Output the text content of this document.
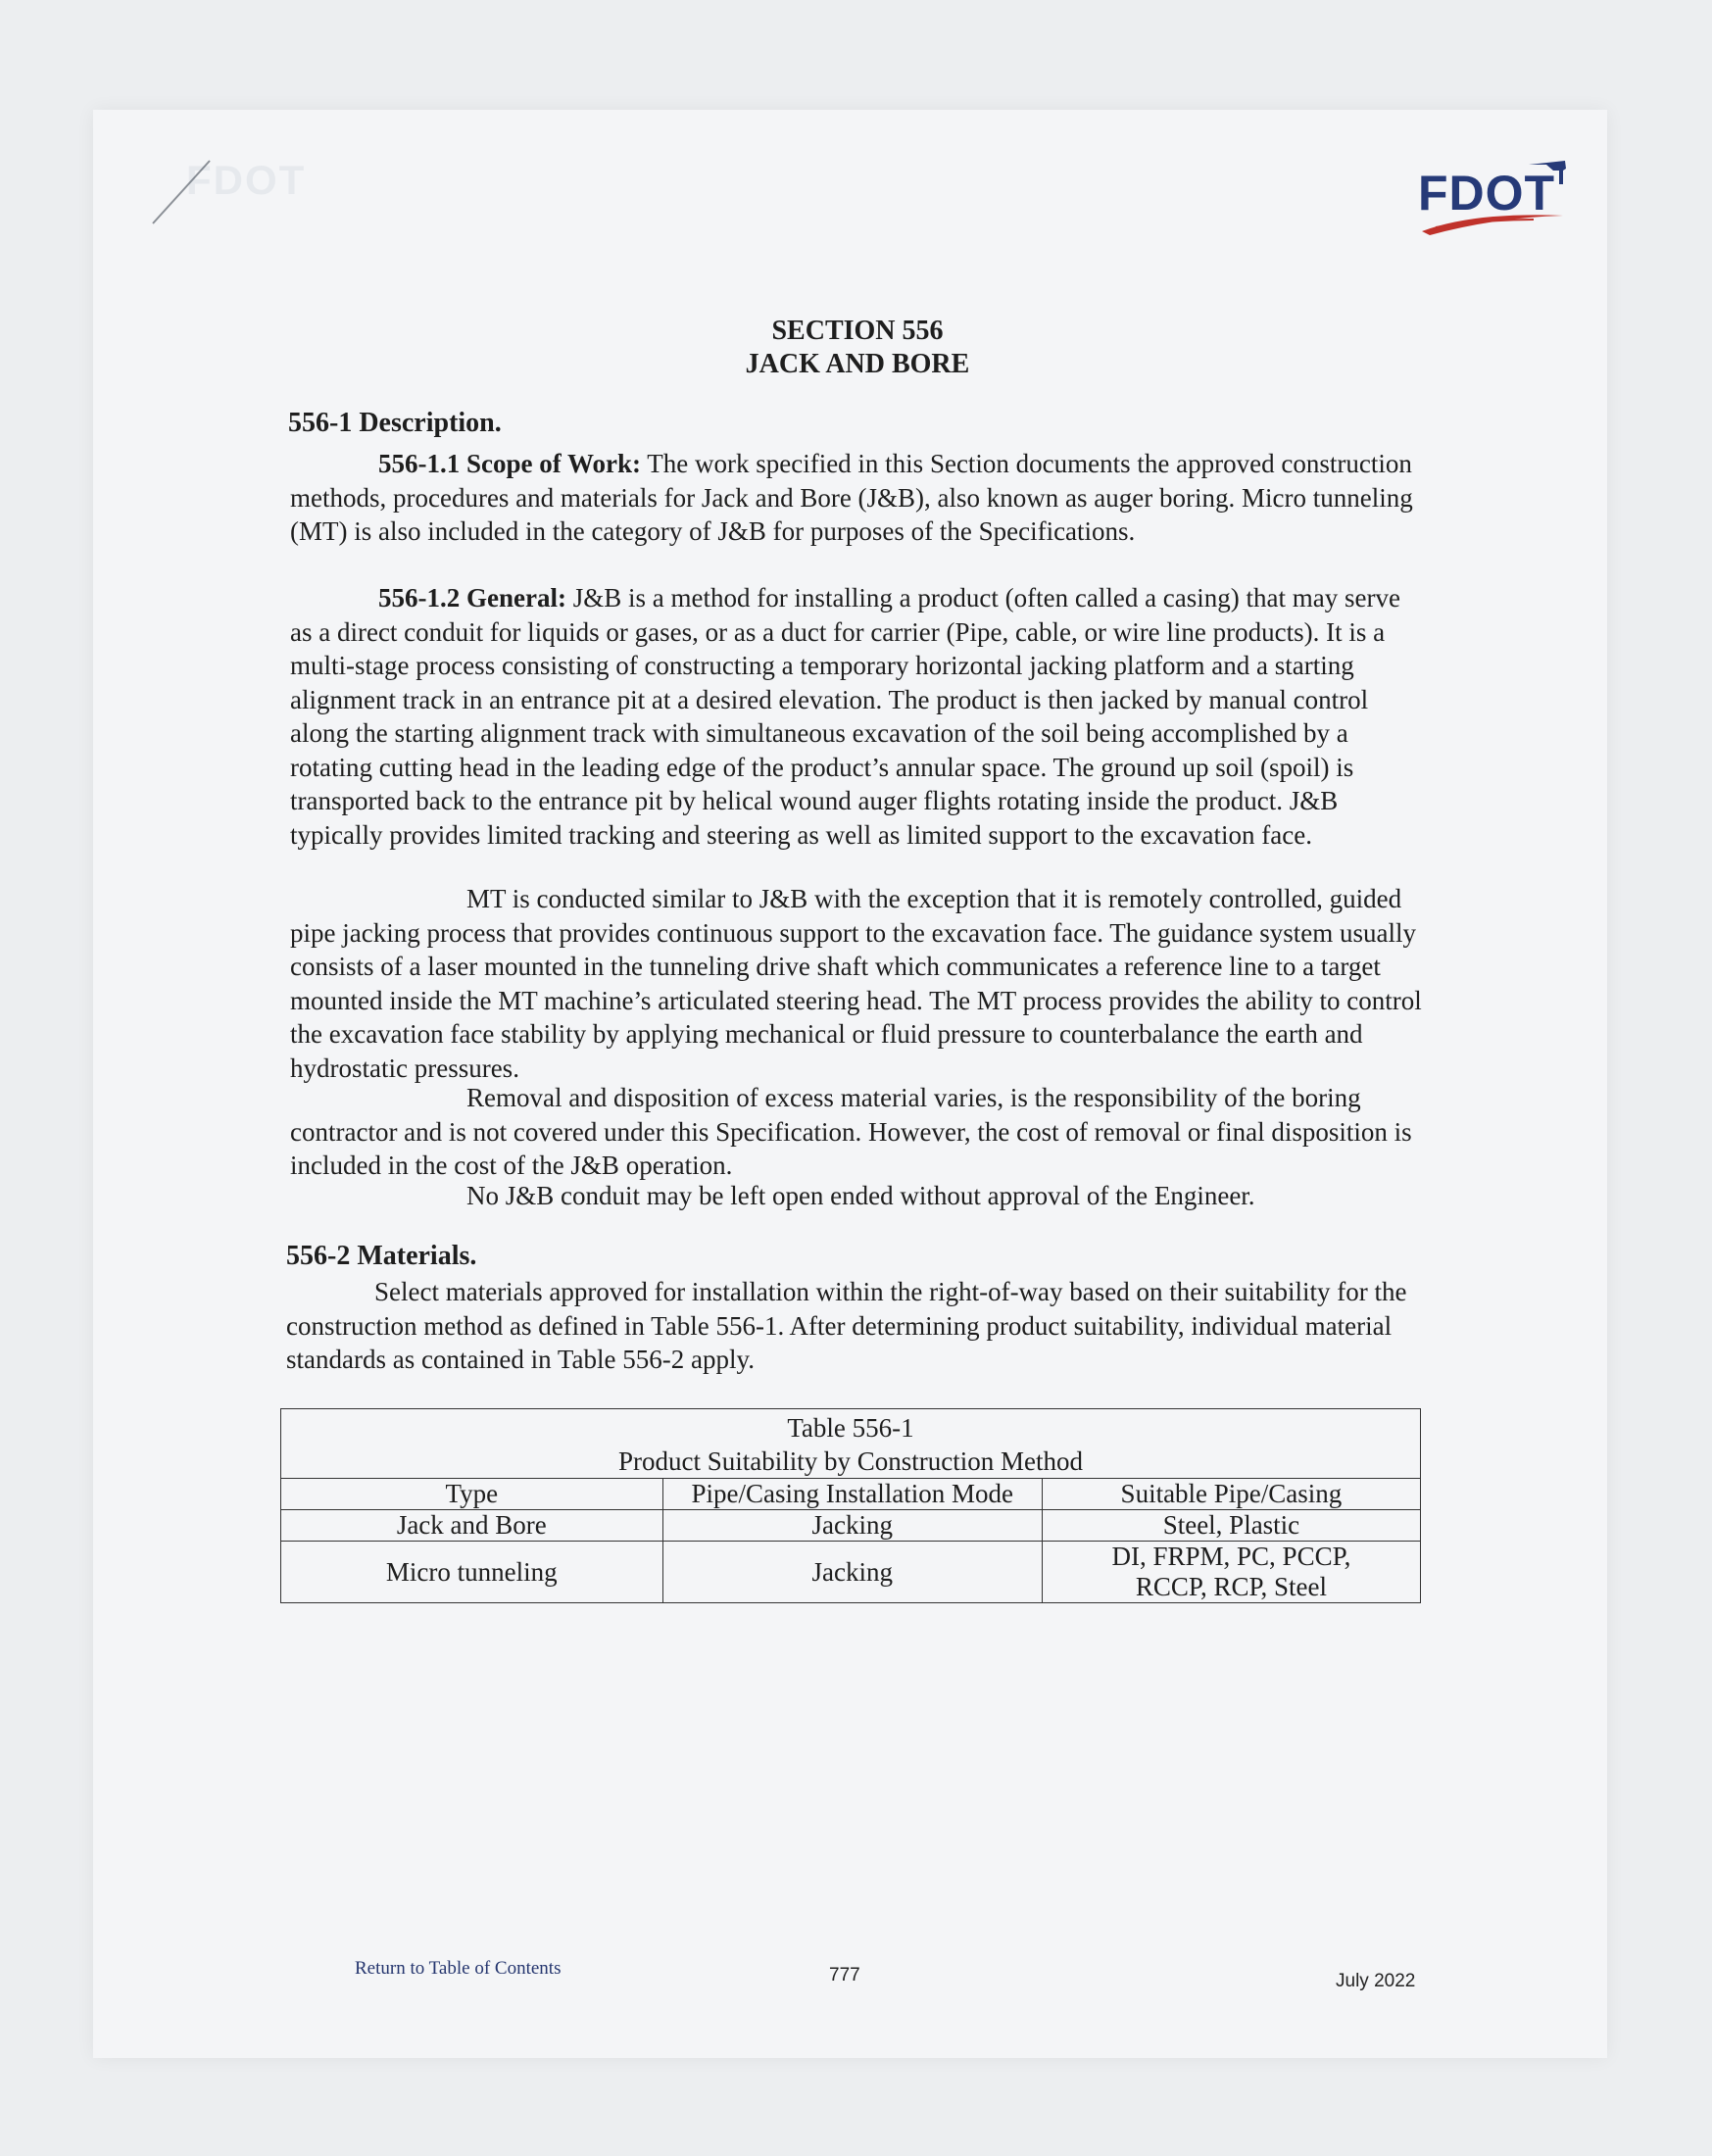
FDOT	FDOT
SECTION 556
JACK AND BORE
556-1 Description.

556-1.1 Scope of Work: The work specified in this Section documents the approved construction methods, procedures and materials for Jack and Bore (J&B), also known as auger boring. Micro tunneling (MT) is also included in the category of J&B for purposes of the Specifications.

556-1.2 General: J&B is a method for installing a product (often called a casing) that may serve as a direct conduit for liquids or gases, or as a duct for carrier (Pipe, cable, or wire line products). It is a multi-stage process consisting of constructing a temporary horizontal jacking platform and a starting alignment track in an entrance pit at a desired elevation. The product is then jacked by manual control along the starting alignment track with simultaneous excavation of the soil being accomplished by a rotating cutting head in the leading edge of the product’s annular space. The ground up soil (spoil) is transported back to the entrance pit by helical wound auger flights rotating inside the product. J&B typically provides limited tracking and steering as well as limited support to the excavation face.

MT is conducted similar to J&B with the exception that it is remotely controlled, guided pipe jacking process that provides continuous support to the excavation face. The guidance system usually consists of a laser mounted in the tunneling drive shaft which communicates a reference line to a target mounted inside the MT machine’s articulated steering head. The MT process provides the ability to control the excavation face stability by applying mechanical or fluid pressure to counterbalance the earth and hydrostatic pressures.

Removal and disposition of excess material varies, is the responsibility of the boring contractor and is not covered under this Specification. However, the cost of removal or final disposition is included in the cost of the J&B operation.

No J&B conduit may be left open ended without approval of the Engineer.

556-2 Materials.

Select materials approved for installation within the right-of-way based on their suitability for the construction method as defined in Table 556-1. After determining product suitability, individual material standards as contained in Table 556-2 apply.

Table 556-1
Product Suitability by Construction Method		

Type	Pipe/Casing Installation Mode	Suitable Pipe/Casing
Jack and Bore	Jacking	Steel, Plastic
Micro tunneling	Jacking	DI, FRPM, PC, PCCP, RCCP, RCP, Steel
Return to Table of Contents	777	July 2022
